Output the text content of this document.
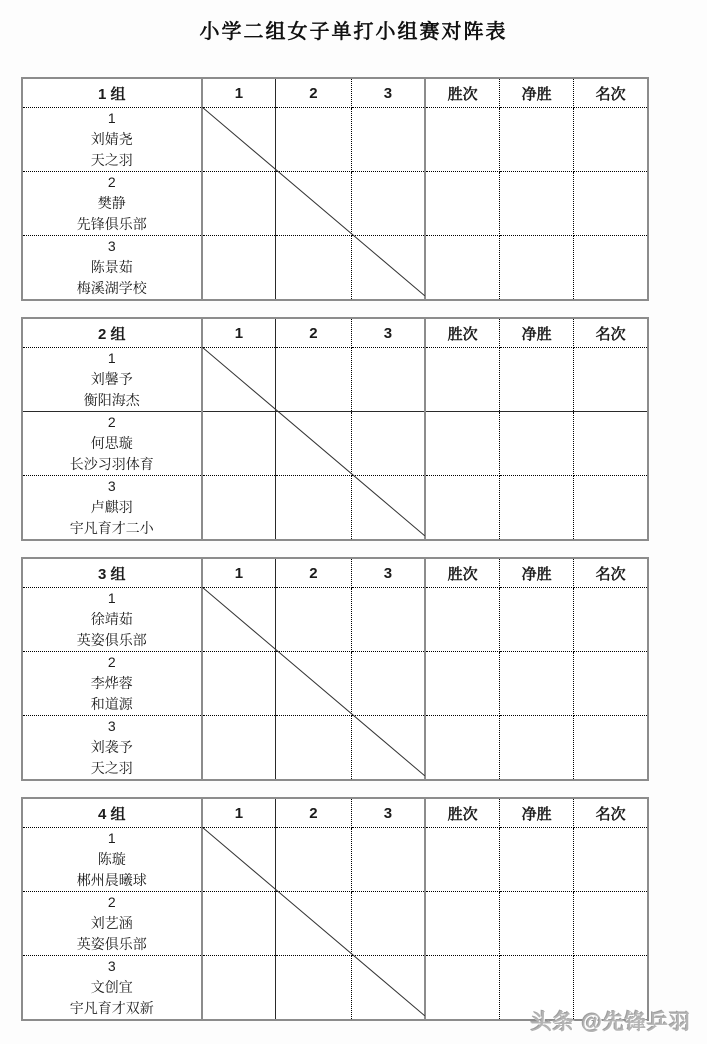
小学二组女子单打小组赛对阵表
1 组	1	2	3	胜次	净胜	名次

1
刘婧尧
天之羽						

2
樊静
先锋俱乐部						

3
陈景茹
梅溪湖学校						

2 组	1	2	3	胜次	净胜	名次

1
刘馨予
衡阳海杰						

2
何思璇
长沙习羽体育						

3
卢麒羽
宇凡育才二小						

3 组	1	2	3	胜次	净胜	名次

1
徐靖茹
英姿俱乐部						

2
李烨蓉
和道源						

3
刘袭予
天之羽						

4 组	1	2	3	胜次	净胜	名次

1
陈璇
郴州晨曦球						

2
刘艺涵
英姿俱乐部						

3
文创宜
宇凡育才双新						

头条 @先锋乒羽
